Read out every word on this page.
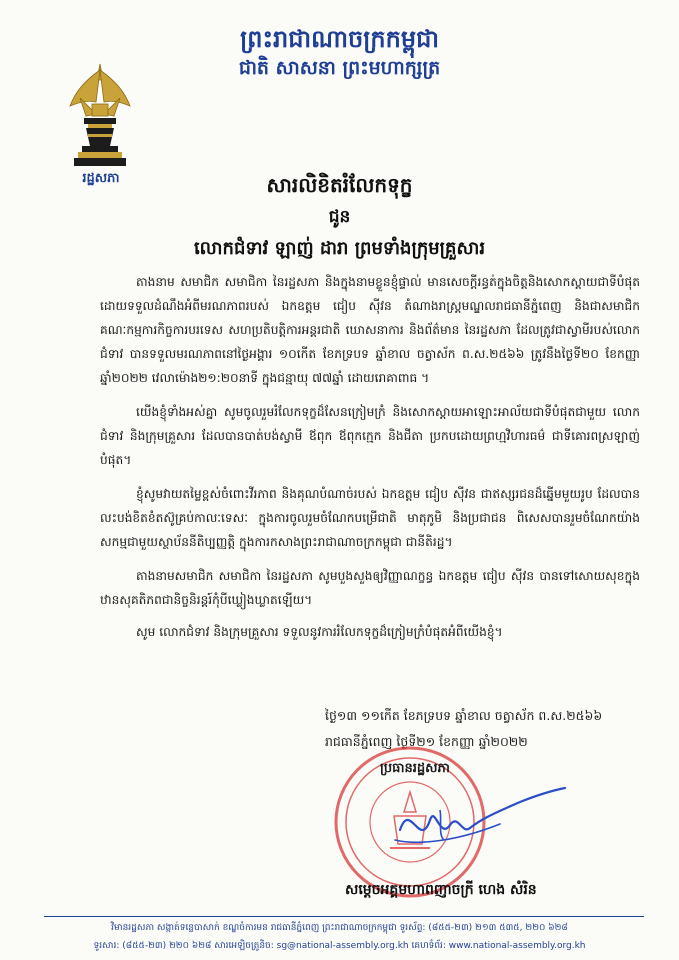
ព្រះរាជាណាចក្រកម្ពុជា
ជាតិ សាសនា ព្រះមហាក្សត្រ
រដ្ឋសភា	សារលិខិតរំលែកទុក្ខ
ជូន
លោកជំទាវ ឡាញ់ ដារា ព្រមទាំងក្រុមគ្រួសារ

តាងនាម សមាជិក សមាជិកា នៃរដ្ឋសភា និងក្នុងនាមខ្លួនខ្ញុំផ្ទាល់ មានសេចក្តីរន្ធត់ក្នុងចិត្តនិងសោកស្តាយជាទីបំផុតដោយទទួលដំណឹងអំពីមរណភាពរបស់ ឯកឧត្តម ជៀប ស៊ីវន តំណាងរាស្ត្រមណ្ឌលរាជធានីភ្នំពេញ និងជាសមាជិកគណៈកម្មការកិច្ចការបរទេស សហប្រតិបត្តិការអន្តរជាតិ ឃោសនាការ និងព័ត៌មាន នៃរដ្ឋសភា ដែលត្រូវជាស្វាមីរបស់លោកជំទាវ បានទទួលមរណភាពនៅថ្ងៃអង្គារ ១០កើត ខែភទ្របទ ឆ្នាំខាល ចត្វាស័ក ព.ស.២៥៦៦ ត្រូវនឹងថ្ងៃទី២០ ខែកញ្ញា ឆ្នាំ២០២២ វេលាម៉ោង២១:២០នាទី ក្នុងជន្មាយុ ៧៧ឆ្នាំ ដោយរោគាពាធ ។

យើងខ្ញុំទាំងអស់គ្នា សូមចូលរួមរំលែកទុក្ខដ៏សែនក្រៀមក្រំ និងសោកស្តាយអាឡោះអាល័យជាទីបំផុតជាមួយ លោកជំទាវ និងក្រុមគ្រួសារ ដែលបានបាត់បង់ស្វាមី ឪពុក ឪពុកក្មេក និងជីតា ប្រកបដោយព្រហ្មវិហារធម៌ ជាទីគោរពស្រឡាញ់បំផុត។

ខ្ញុំសូមវាយតម្លៃខ្ពស់ចំពោះវីរភាព និងគុណបំណាច់របស់ ឯកឧត្តម ជៀប ស៊ីវន ជាឥស្សរជនដ៏ឆ្នើមមួយរូប ដែលបានលះបង់ខិតខំតស៊ូគ្រប់កាលៈទេសៈ ក្នុងការចូលរួមចំណែកបម្រើជាតិ មាតុភូមិ និងប្រជាជន ពិសេសបានរួមចំណែកយ៉ាងសកម្មជាមួយស្ថាប័ននីតិប្បញ្ញត្តិ ក្នុងការកសាងព្រះរាជាណាចក្រកម្ពុជា ជានីតិរដ្ឋ។

តាងនាមសមាជិក សមាជិកា នៃរដ្ឋសភា សូមបួងសួងឲ្យវិញ្ញាណក្ខន្ធ ឯកឧត្តម ជៀប ស៊ីវន បានទៅសោយសុខក្នុងឋានសុគតិភពជានិច្ចនិរន្តរ៍កុំបីឃ្លៀងឃ្លាតឡើយ។

សូម លោកជំទាវ និងក្រុមគ្រួសារ ទទួលនូវការរំលែកទុក្ខដ៏ក្រៀមក្រំបំផុតអំពីយើងខ្ញុំ។

ថ្ងៃ១៣ ១១កើត ខែភទ្របទ ឆ្នាំខាល ចត្វាស័ក ព.ស.២៥៦៦
រាជធានីភ្នំពេញ ថ្ងៃទី២១ ខែកញ្ញា ឆ្នាំ២០២២
ប្រធានរដ្ឋសភា
សម្តេចអគ្គមហាពញាចក្រី ហេង សំរិន
វិមានរដ្ឋសភា សង្កាត់ទន្លេបាសាក់ ខណ្ឌចំការមន រាជធានីភ្នំពេញ ព្រះរាជាណាចក្រកម្ពុជា ទូរស័ព្ទ: (៨៥៥-២៣) ២១៣ ៥៣៥, ២២០ ៦២៨
ទូរសារ: (៨៥៥-២៣) ២២០ ៦២៨ សារអេឡិចត្រូនិច: sg@national-assembly.org.kh គេហទំព័រ: www.national-assembly.org.kh
